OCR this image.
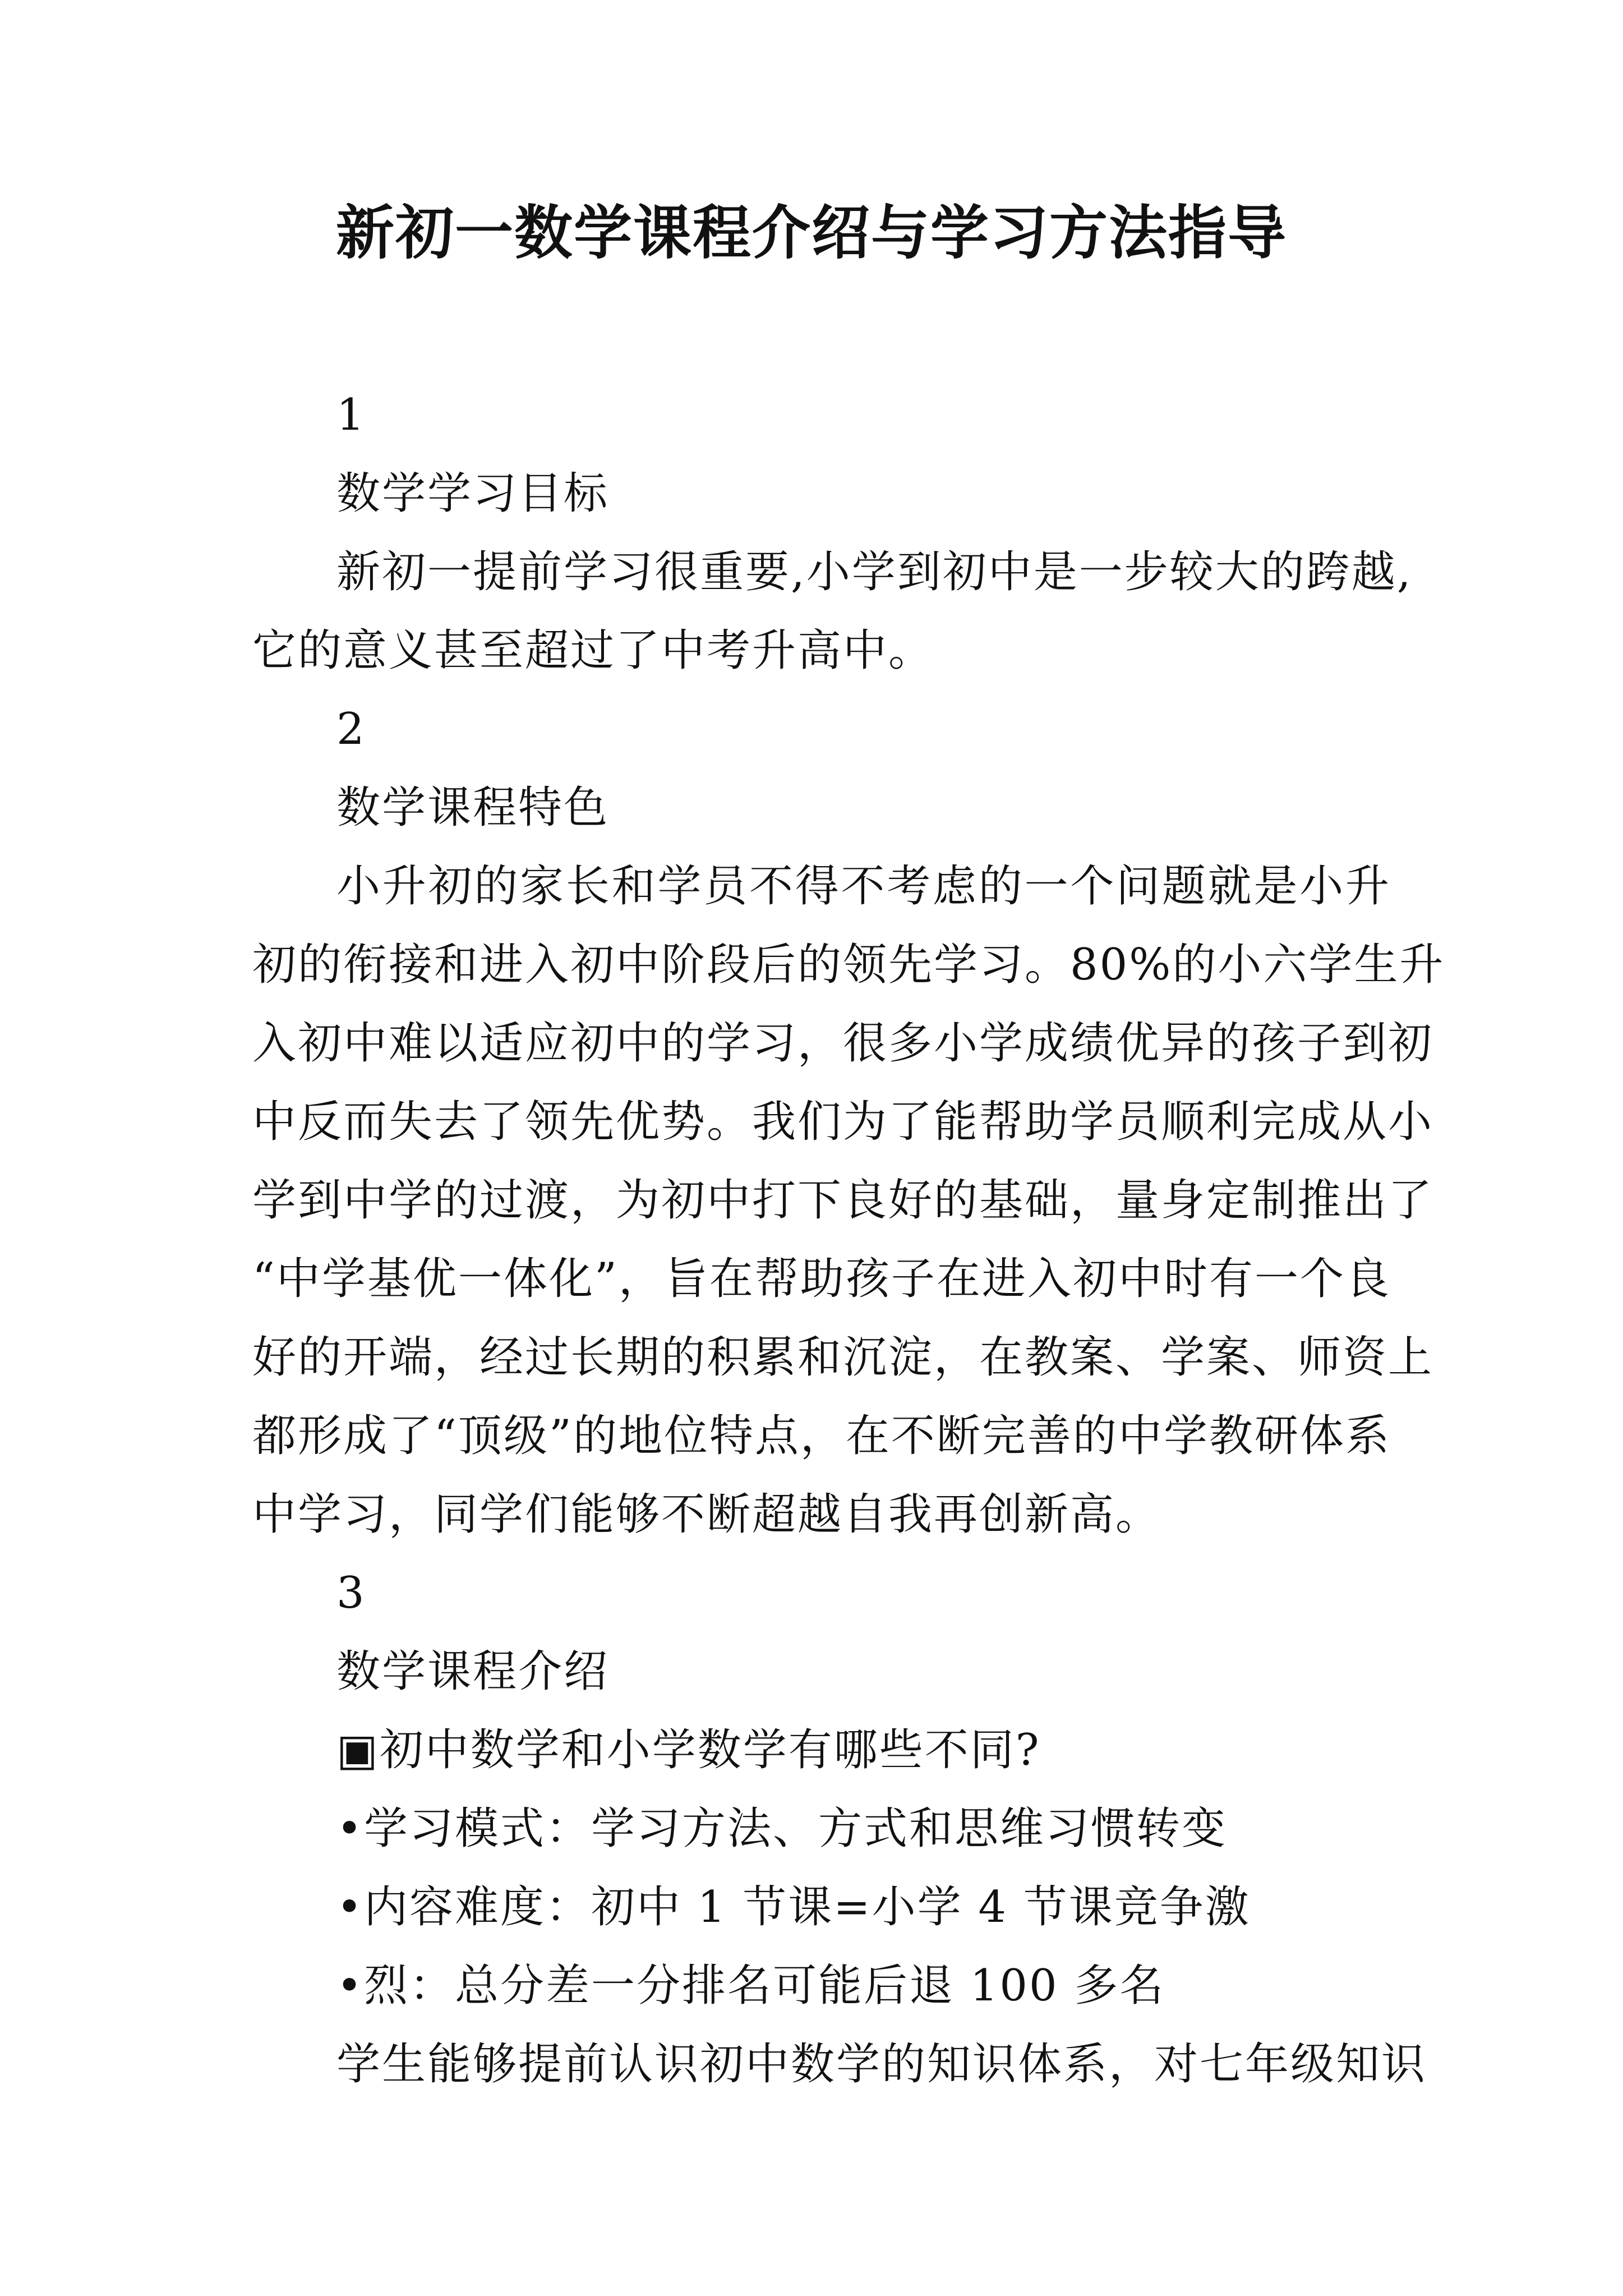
新初一数学课程介绍与学习方法指导
1
数学学习目标
新初一提前学习很重要,小学到初中是一步较大的跨越,
它的意义甚至超过了中考升高中。
2
数学课程特色
小升初的家长和学员不得不考虑的一个问题就是小升
初的衔接和进入初中阶段后的领先学习。80%的小六学生升
入初中难以适应初中的学习，很多小学成绩优异的孩子到初
中反而失去了领先优势。我们为了能帮助学员顺利完成从小
学到中学的过渡，为初中打下良好的基础，量身定制推出了
“中学基优一体化”，旨在帮助孩子在进入初中时有一个良
好的开端，经过长期的积累和沉淀，在教案、学案、师资上
都形成了“顶级”的地位特点，在不断完善的中学教研体系
中学习，同学们能够不断超越自我再创新高。
3
数学课程介绍
▣初中数学和小学数学有哪些不同?
•学习模式：学习方法、方式和思维习惯转变
•内容难度：初中 1 节课=小学 4 节课竞争激
•烈：总分差一分排名可能后退 100 多名
学生能够提前认识初中数学的知识体系，对七年级知识
